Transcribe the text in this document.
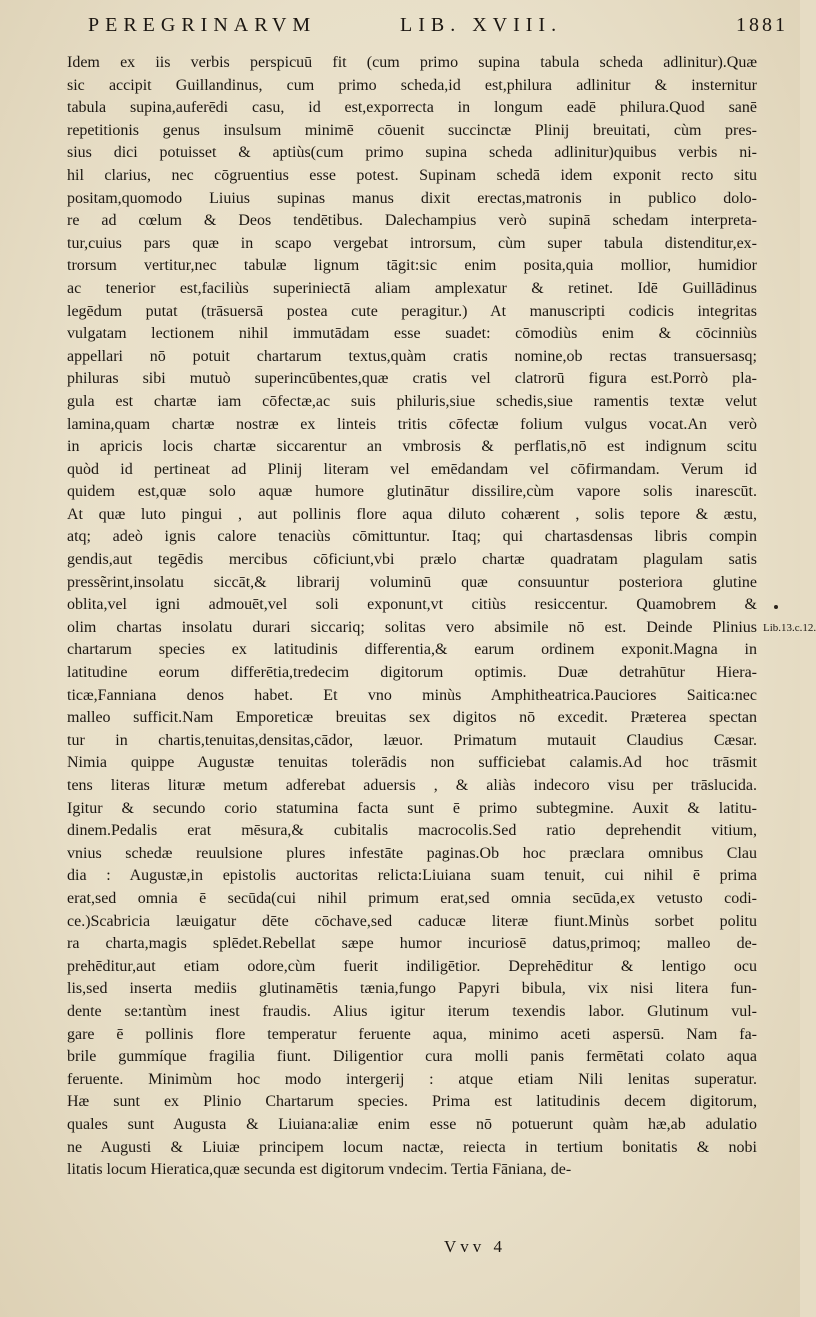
PEREGRINARVM	LIB. XVIII.	1881
Idem ex iis verbis perspicuū fit (cum primo supina tabula scheda adlinitur).Quæ
sic accipit Guillandinus, cum primo scheda,id est,philura adlinitur & insternitur
tabula supina,auferēdi casu, id est,exporrecta in longum eadē philura.Quod sanē
repetitionis genus insulsum minimē cōuenit succinctæ Plinij breuitati, cùm pres-
sius dici potuisset & aptiùs(cum primo supina scheda adlinitur)quibus verbis ni-
hil clarius, nec cōgruentius esse potest. Supinam schedā idem exponit recto situ
positam,quomodo Liuius supinas manus dixit erectas,matronis in publico dolo-
re ad cœlum & Deos tendētibus. Dalechampius verò supinā schedam interpreta-
tur,cuius pars quæ in scapo vergebat introrsum, cùm super tabula distenditur,ex-
trorsum vertitur,nec tabulæ lignum tāgit:sic enim posita,quia mollior, humidior
ac tenerior est,faciliùs superiniectā aliam amplexatur & retinet. Idē Guillādinus
legēdum putat (trāsuersā postea cute peragitur.) At manuscripti codicis integritas
vulgatam lectionem nihil immutādam esse suadet: cōmodiùs enim & cōcinniùs
appellari nō potuit chartarum textus,quàm cratis nomine,ob rectas transuersasq;
philuras sibi mutuò superincūbentes,quæ cratis vel clatrorū figura est.Porrò pla-
gula est chartæ iam cōfectæ,ac suis philuris,siue schedis,siue ramentis textæ velut
lamina,quam chartæ nostræ ex linteis tritis cōfectæ folium vulgus vocat.An verò
in apricis locis chartæ siccarentur an vmbrosis & perflatis,nō est indignum scitu
quòd id pertineat ad Plinij literam vel emēdandam vel cōfirmandam. Verum id
quidem est,quæ solo aquæ humore glutinātur dissilire,cùm vapore solis inarescūt.
At quæ luto pingui , aut pollinis flore aqua diluto cohærent , solis tepore & æstu,
atq; adeò ignis calore tenaciùs cōmittuntur. Itaq; qui chartasdensas libris compin
gendis,aut tegēdis mercibus cōficiunt,vbi prælo chartæ quadratam plagulam satis
pressẽrint,insolatu siccāt,& librarij voluminū quæ consuuntur posteriora glutine
oblita,vel igni admouēt,vel soli exponunt,vt citiùs resiccentur. Quamobrem &
olim chartas insolatu durari siccariq; solitas vero absimile nō est. Deinde Plinius
chartarum species ex latitudinis differentia,& earum ordinem exponit.Magna in
latitudine eorum differētia,tredecim digitorum optimis. Duæ detrahūtur Hiera-
ticæ,Fanniana denos habet. Et vno minùs Amphitheatrica.Pauciores Saitica:nec
malleo sufficit.Nam Emporeticæ breuitas sex digitos nō excedit. Præterea spectan
tur in chartis,tenuitas,densitas,cādor, læuor. Primatum mutauit Claudius Cæsar.
Nimia quippe Augustæ tenuitas tolerādis non sufficiebat calamis.Ad hoc trāsmit
tens literas lituræ metum adferebat aduersis , & aliàs indecoro visu per trāslucida.
Igitur & secundo corio statumina facta sunt ē primo subtegmine. Auxit & latitu-
dinem.Pedalis erat mēsura,& cubitalis macrocolis.Sed ratio deprehendit vitium,
vnius schedæ reuulsione plures infestāte paginas.Ob hoc præclara omnibus Clau
dia : Augustæ,in epistolis auctoritas relicta:Liuiana suam tenuit, cui nihil ē prima
erat,sed omnia ē secūda(cui nihil primum erat,sed omnia secūda,ex vetusto codi-
ce.)Scabricia læuigatur dēte cōchave,sed caducæ literæ fiunt.Minùs sorbet politu
ra charta,magis splēdet.Rebellat sæpe humor incuriosē datus,primoq; malleo de-
prehēditur,aut etiam odore,cùm fuerit indiligētior. Deprehēditur & lentigo ocu
lis,sed inserta mediis glutinamētis tænia,fungo Papyri bibula, vix nisi litera fun-
dente se:tantùm inest fraudis. Alius igitur iterum texendis labor. Glutinum vul-
gare ē pollinis flore temperatur feruente aqua, minimo aceti aspersū. Nam fa-
brile gummíque fragilia fiunt. Diligentior cura molli panis fermētati colato aqua
feruente. Minimùm hoc modo intergerij : atque etiam Nili lenitas superatur.
Hæ sunt ex Plinio Chartarum species. Prima est latitudinis decem digitorum,
quales sunt Augusta & Liuiana:aliæ enim esse nō potuerunt quàm hæ,ab adulatio
ne Augusti & Liuiæ principem locum nactæ, reiecta in tertium bonitatis & nobi
litatis locum Hieratica,quæ secunda est digitorum vndecim. Tertia Fāniana, de-
Lib.13.c.12.
Vvv 4
